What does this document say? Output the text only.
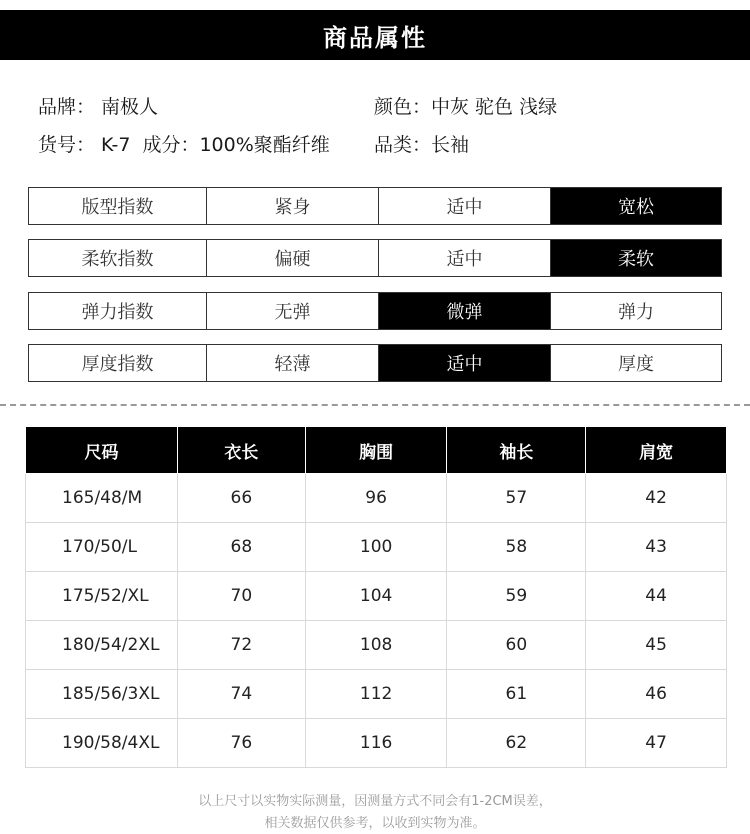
商品属性
品牌： 南极人
货号： K-7 成分：100%聚酯纤维
颜色：中灰 驼色 浅绿
品类：长袖
版型指数	紧身	适中	宽松
柔软指数	偏硬	适中	柔软
弹力指数	无弹	微弹	弹力
厚度指数	轻薄	适中	厚度
尺码	衣长	胸围	袖长	肩宽
165/48/M	66	96	57	42
170/50/L	68	100	58	43
175/52/XL	70	104	59	44
180/54/2XL	72	108	60	45
185/56/3XL	74	112	61	46
190/58/4XL	76	116	62	47
以上尺寸以实物实际测量，因测量方式不同会有1-2CM误差，
相关数据仅供参考，以收到实物为准。
